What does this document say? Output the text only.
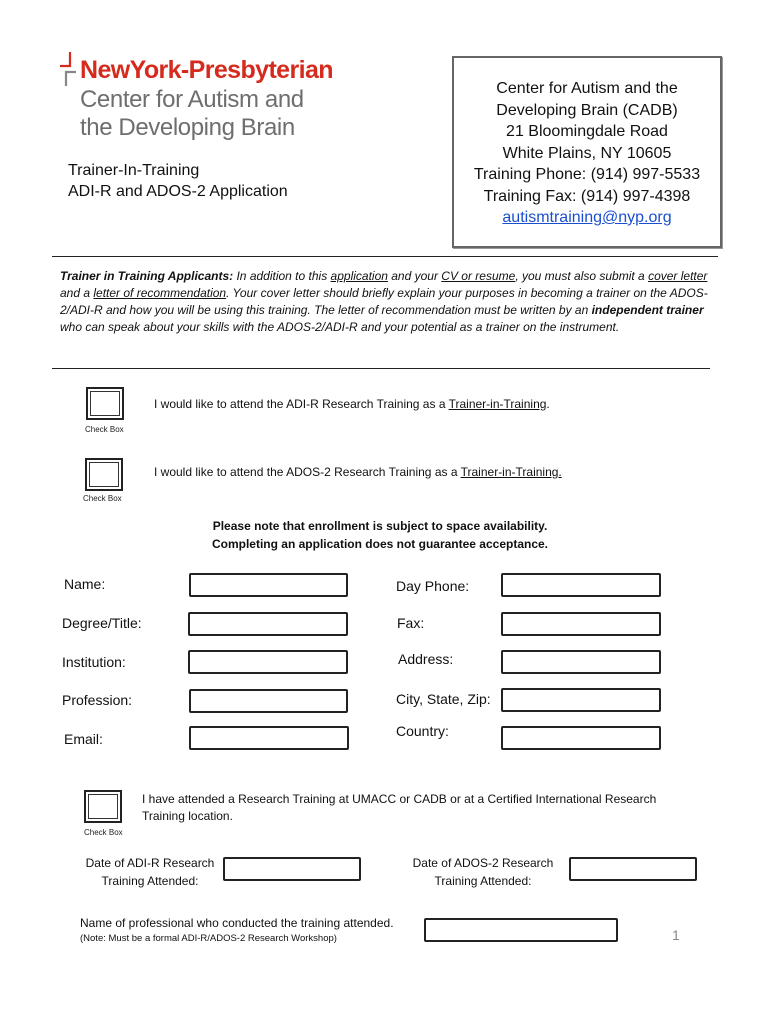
NewYork-Presbyterian
Center for Autism and
the Developing Brain
Trainer-In-Training
ADI-R and ADOS-2 Application
Center for Autism and the
Developing Brain (CADB)
21 Bloomingdale Road
White Plains, NY 10605
Training Phone: (914) 997-5533
Training Fax: (914) 997-4398
autismtraining@nyp.org
Trainer in Training Applicants: In addition to this application and your CV or resume, you must also submit a cover letter and a letter of recommendation. Your cover letter should briefly explain your purposes in becoming a trainer on the ADOS-2/ADI-R and how you will be using this training. The letter of recommendation must be written by an independent trainer who can speak about your skills with the ADOS-2/ADI-R and your potential as a trainer on the instrument.
Check Box
I would like to attend the ADI-R Research Training as a Trainer-in-Training.
Check Box
I would like to attend the ADOS-2 Research Training as a Trainer-in-Training.
Please note that enrollment is subject to space availability.
Completing an application does not guarantee acceptance.
Name:
Degree/Title:
Institution:
Profession:
Email:
Day Phone:
Fax:
Address:
City, State, Zip:
Country:
Check Box
I have attended a Research Training at UMACC or CADB or at a Certified International Research
Training location.
Date of ADI-R Research
Training Attended:
Date of ADOS-2 Research
Training Attended:
Name of professional who conducted the training attended.
(Note: Must be a formal ADI-R/ADOS-2 Research Workshop)	1
